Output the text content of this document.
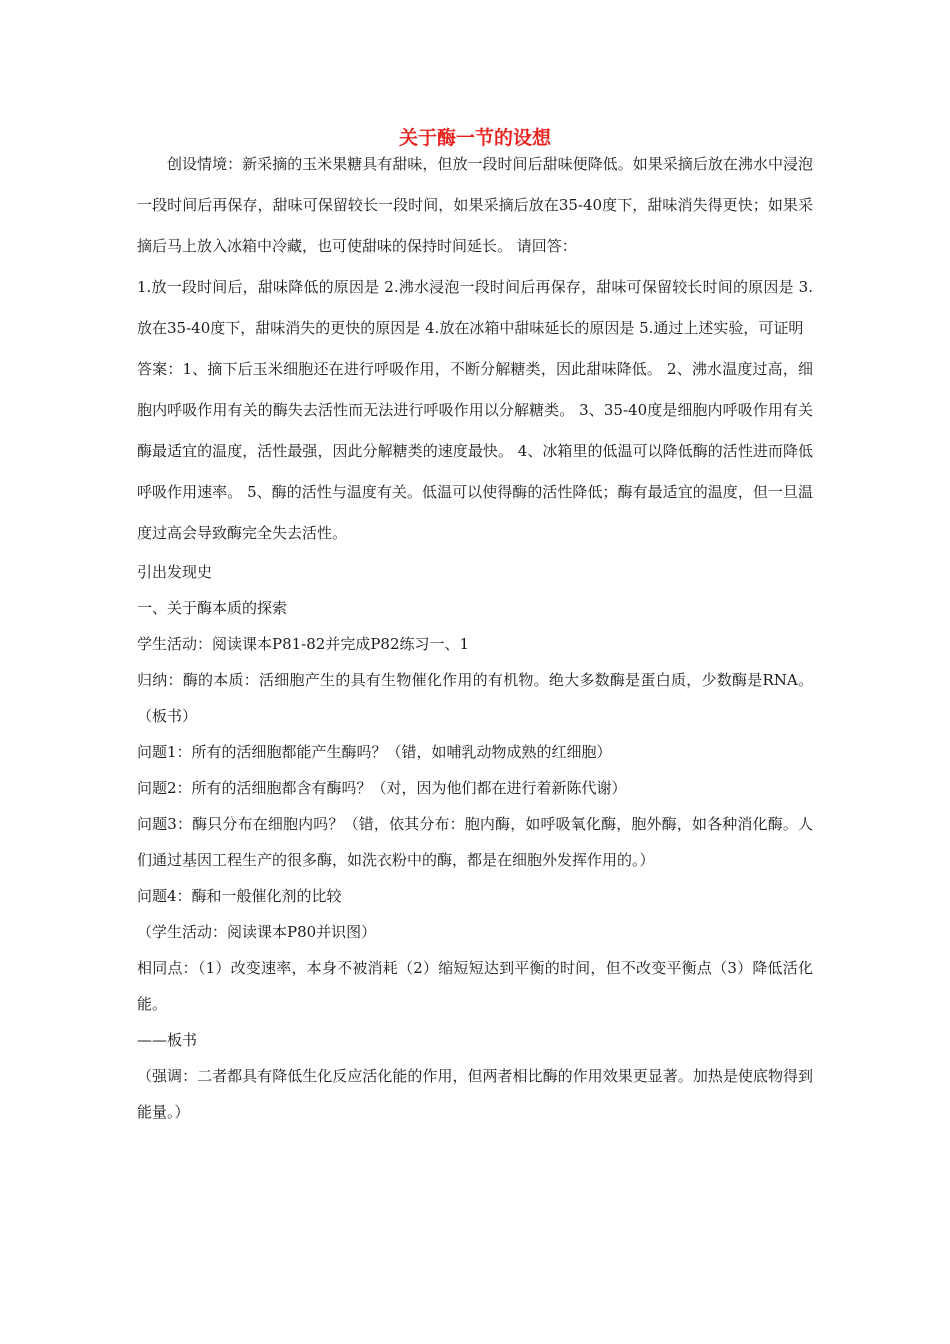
关于酶一节的设想

创设情境：新采摘的玉米果糖具有甜味，但放一段时间后甜味便降低。如果采摘后放在沸水中浸泡一段时间后再保存，甜味可保留较长一段时间，如果采摘后放在35-40度下，甜味消失得更快；如果采摘后马上放入冰箱中冷藏，也可使甜味的保持时间延长。 请回答：

1.放一段时间后，甜味降低的原因是 2.沸水浸泡一段时间后再保存，甜味可保留较长时间的原因是 3.放在35-40度下，甜味消失的更快的原因是 4.放在冰箱中甜味延长的原因是 5.通过上述实验，可证明

答案：1、摘下后玉米细胞还在进行呼吸作用，不断分解糖类，因此甜味降低。 2、沸水温度过高，细胞内呼吸作用有关的酶失去活性而无法进行呼吸作用以分解糖类。 3、35-40度是细胞内呼吸作用有关酶最适宜的温度，活性最强，因此分解糖类的速度最快。 4、冰箱里的低温可以降低酶的活性进而降低呼吸作用速率。 5、酶的活性与温度有关。低温可以使得酶的活性降低；酶有最适宜的温度，但一旦温度过高会导致酶完全失去活性。

引出发现史

一、关于酶本质的探索

学生活动：阅读课本P81-82并完成P82练习一、1

归纳：酶的本质：活细胞产生的具有生物催化作用的有机物。绝大多数酶是蛋白质，少数酶是RNA。（板书）

问题1：所有的活细胞都能产生酶吗？（错，如哺乳动物成熟的红细胞）

问题2：所有的活细胞都含有酶吗？（对，因为他们都在进行着新陈代谢）

问题3：酶只分布在细胞内吗？（错，依其分布：胞内酶，如呼吸氧化酶，胞外酶，如各种消化酶。人们通过基因工程生产的很多酶，如洗衣粉中的酶，都是在细胞外发挥作用的。）

问题4：酶和一般催化剂的比较

（学生活动：阅读课本P80并识图）

相同点：（1）改变速率，本身不被消耗（2）缩短短达到平衡的时间，但不改变平衡点（3）降低活化能。

——板书

（强调：二者都具有降低生化反应活化能的作用，但两者相比酶的作用效果更显著。加热是使底物得到能量。）
